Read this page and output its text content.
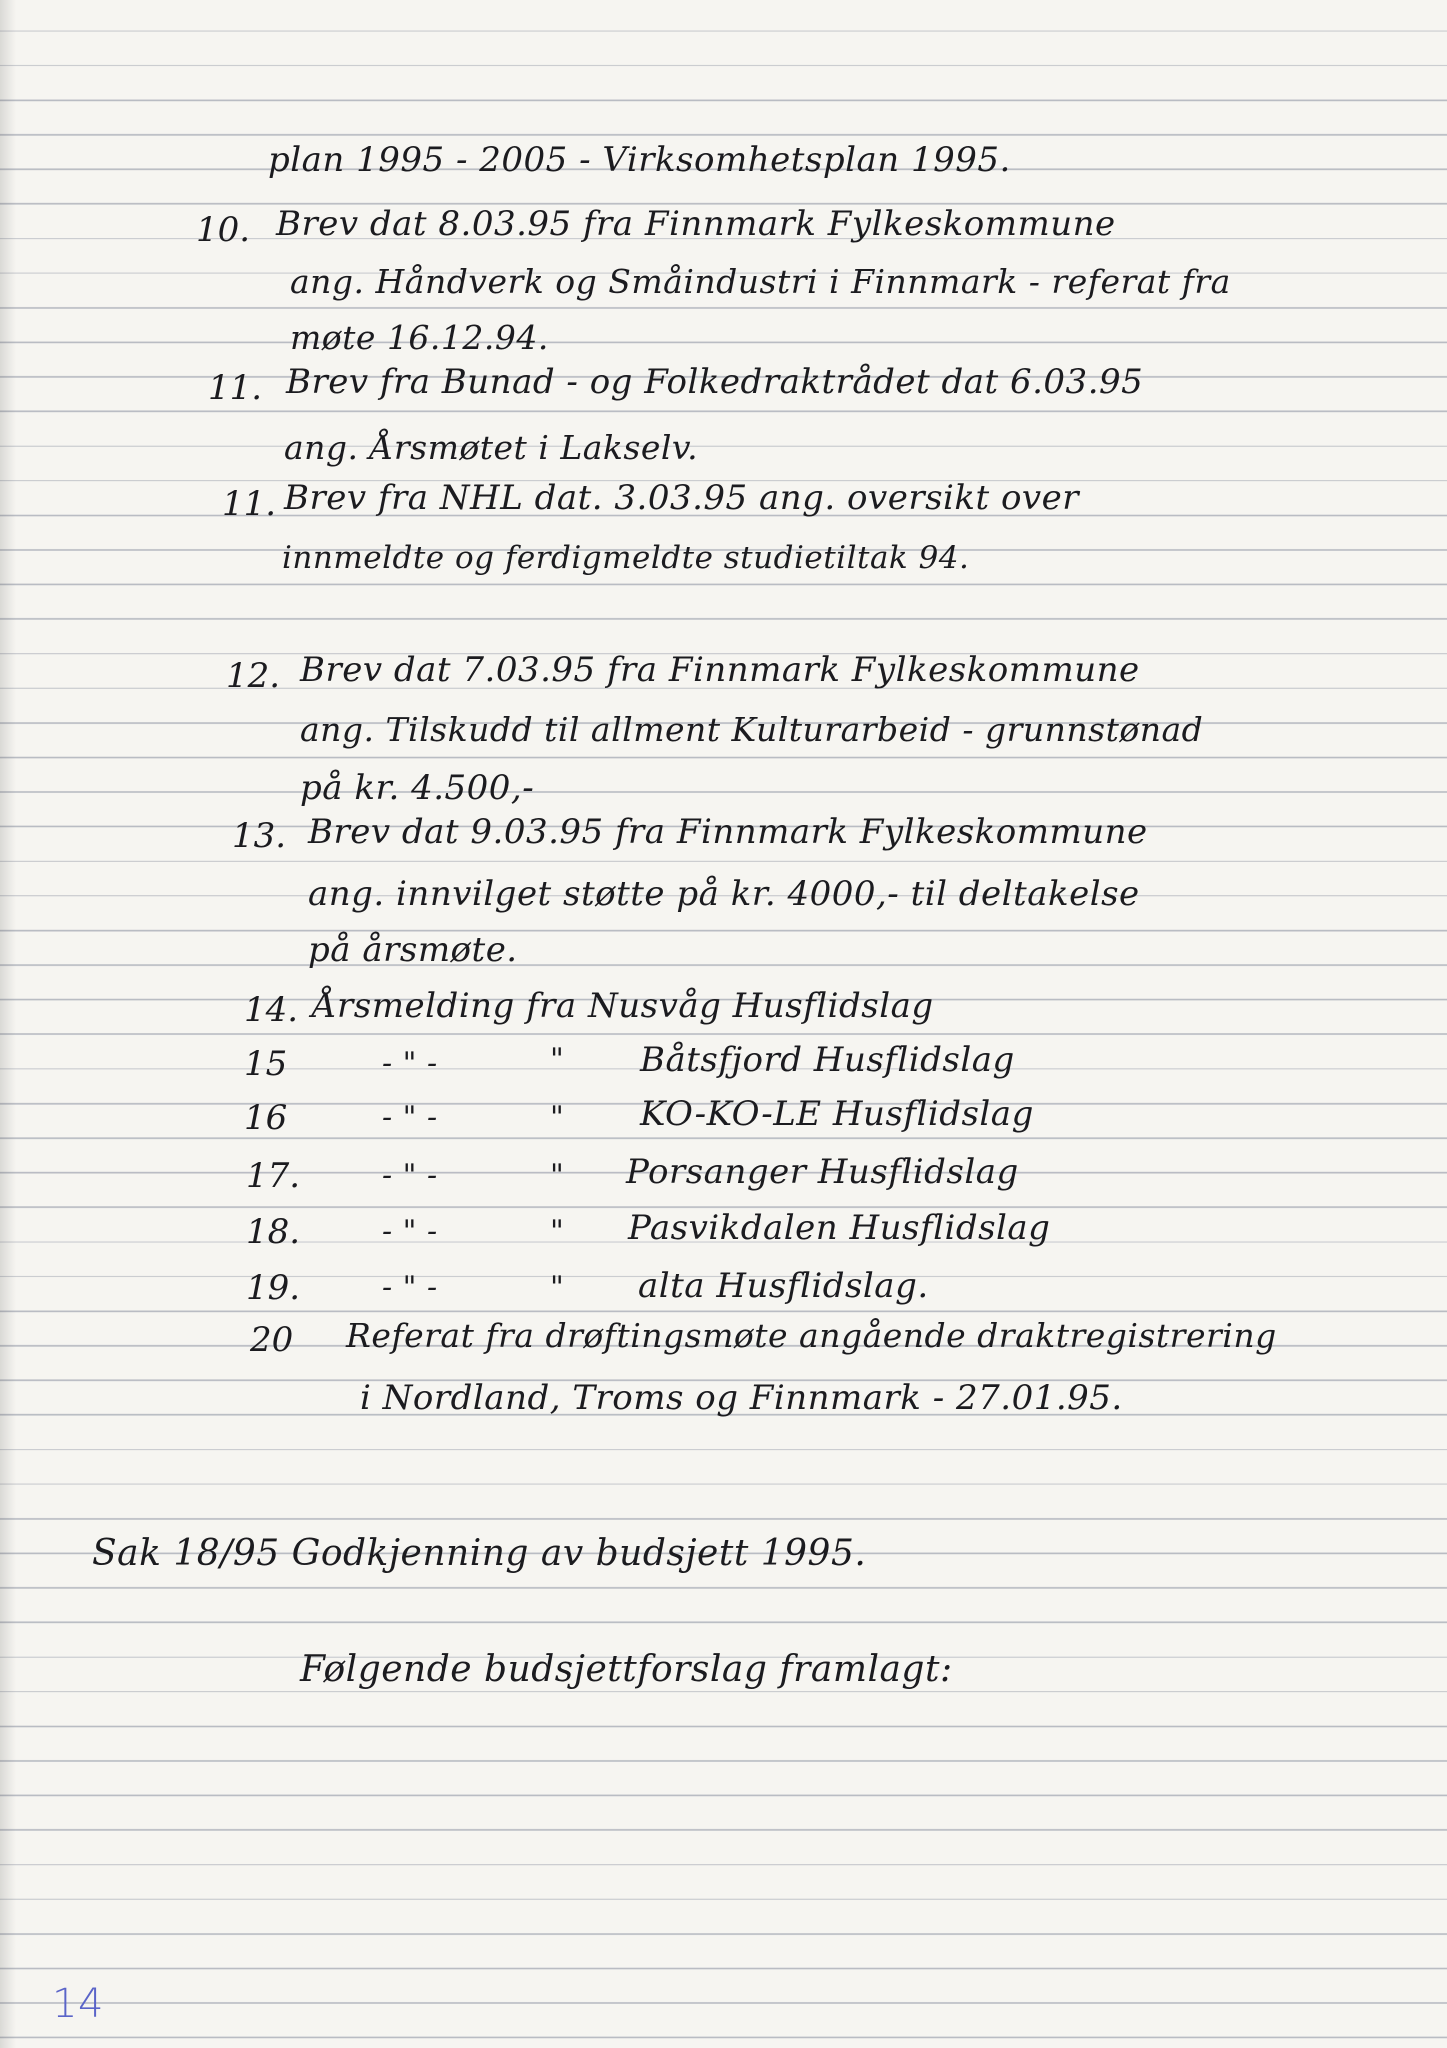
plan 1995 - 2005 - Virksomhetsplan 1995.

10. Brev dat 8.03.95 fra Finnmark Fylkeskommune

ang. Håndverk og Småindustri i Finnmark - referat fra

møte 16.12.94.

11. Brev fra Bunad - og Folkedraktrådet dat 6.03.95

ang. Årsmøtet i Lakselv.

11. Brev fra NHL dat. 3.03.95 ang. oversikt over

innmeldte og ferdigmeldte studietiltak 94.

12. Brev dat 7.03.95 fra Finnmark Fylkeskommune

ang. Tilskudd til allment Kulturarbeid - grunnstønad

på kr. 4.500,-

13. Brev dat 9.03.95 fra Finnmark Fylkeskommune

ang. innvilget støtte på kr. 4000,- til deltakelse

på årsmøte.

14. Årsmelding fra Nusvåg Husflidslag

15	- " -	" Båtsfjord Husflidslag

16	- " -	" KO-KO-LE Husflidslag

17.	- " -	" Porsanger Husflidslag

18.	- " -	" Pasvikdalen Husflidslag

19.	- " -	" alta Husflidslag.

20 Referat fra drøftingsmøte angående draktregistrering

i Nordland, Troms og Finnmark - 27.01.95.

Sak 18/95 Godkjenning av budsjett 1995.

Følgende budsjettforslag framlagt:

14
